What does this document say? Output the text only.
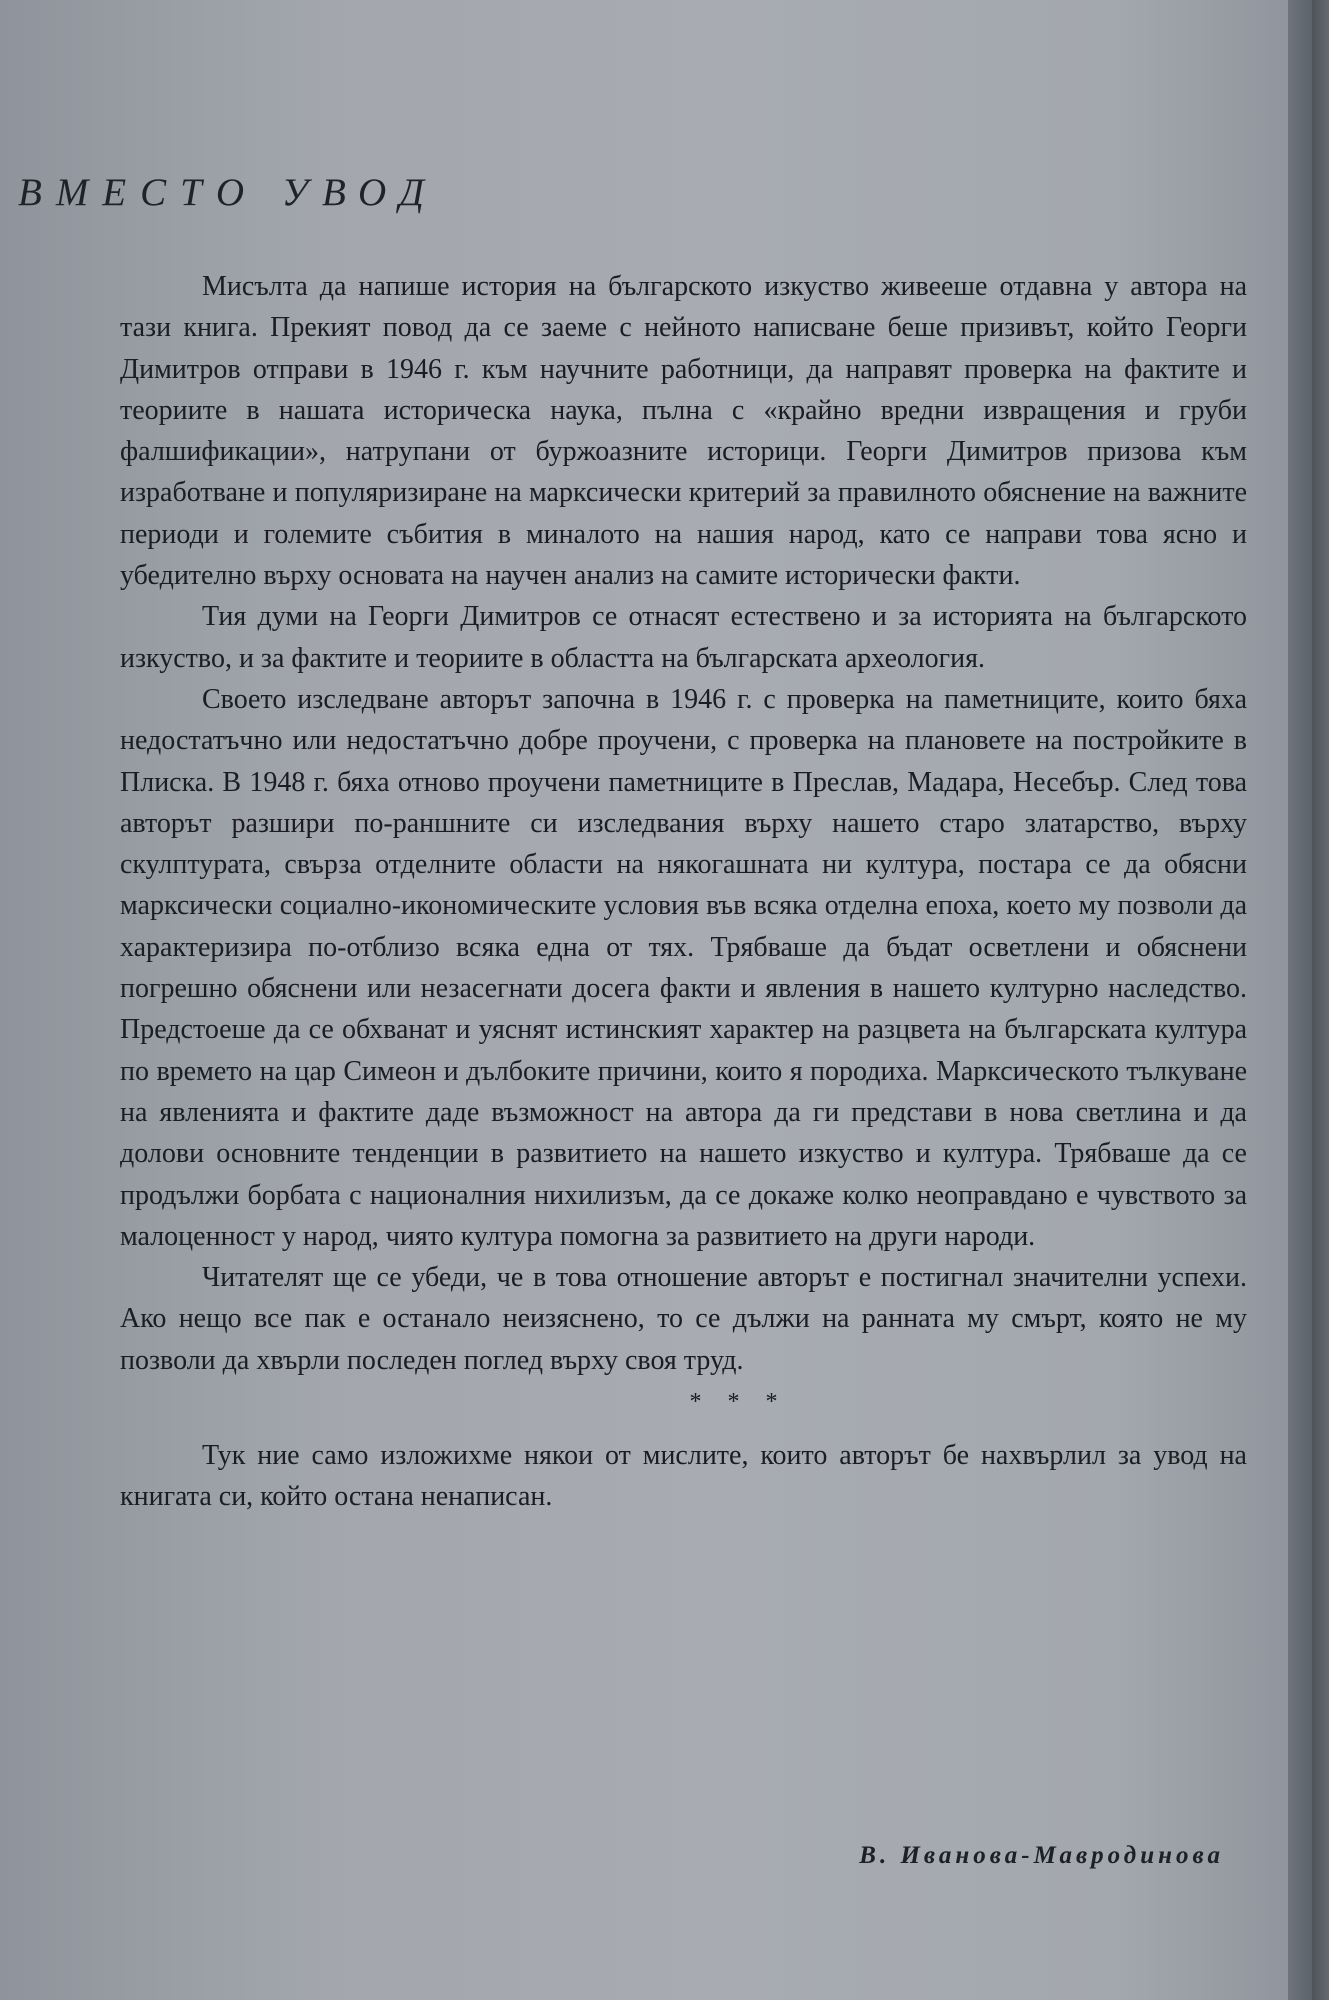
ВМЕСТО УВОД

Мисълта да напише история на българското изкуство живееше отдавна у автора на тази книга. Прекият повод да се заеме с нейното написване беше призивът, който Георги Димитров отправи в 1946 г. към научните работници, да направят проверка на фактите и теориите в нашата историческа наука, пълна с «крайно вредни извращения и груби фалшификации», натрупани от буржоазните историци. Георги Димитров призова към изработване и популяризиране на марксически критерий за правилното обяснение на важните периоди и големите събития в миналото на нашия народ, като се направи това ясно и убедително върху основата на научен анализ на самите исторически факти.

Тия думи на Георги Димитров се отнасят естествено и за историята на българското изкуство, и за фактите и теориите в областта на българската археология.

Своето изследване авторът започна в 1946 г. с проверка на паметниците, които бяха недостатъчно или недостатъчно добре проучени, с проверка на плановете на постройките в Плиска. В 1948 г. бяха отново проучени паметниците в Преслав, Мадара, Несебър. След това авторът разшири по-раншните си изследвания върху нашето старо златарство, върху скулптурата, свърза отделните области на някогашната ни култура, постара се да обясни марксически социално-икономическите условия във всяка отделна епоха, което му позволи да характеризира по-отблизо всяка една от тях. Трябваше да бъдат осветлени и обяснени погрешно обяснени или незасегнати досега факти и явления в нашето културно наследство. Предстоеше да се обхванат и уяснят истинският характер на разцвета на българската култура по времето на цар Симеон и дълбоките причини, които я породиха. Марксическото тълкуване на явленията и фактите даде възможност на автора да ги представи в нова светлина и да долови основните тенденции в развитието на нашето изкуство и култура. Трябваше да се продължи борбата с националния нихилизъм, да се докаже колко неоправдано е чувството за малоценност у народ, чиято култура помогна за развитието на други народи.

Читателят ще се убеди, че в това отношение авторът е постигнал значителни успехи. Ако нещо все пак е останало неизяснено, то се дължи на ранната му смърт, която не му позволи да хвърли последен поглед върху своя труд.

* * *

Тук ние само изложихме някои от мислите, които авторът бе нахвърлил за увод на книгата си, който остана ненаписан.

В. Иванова-Мавродинова
